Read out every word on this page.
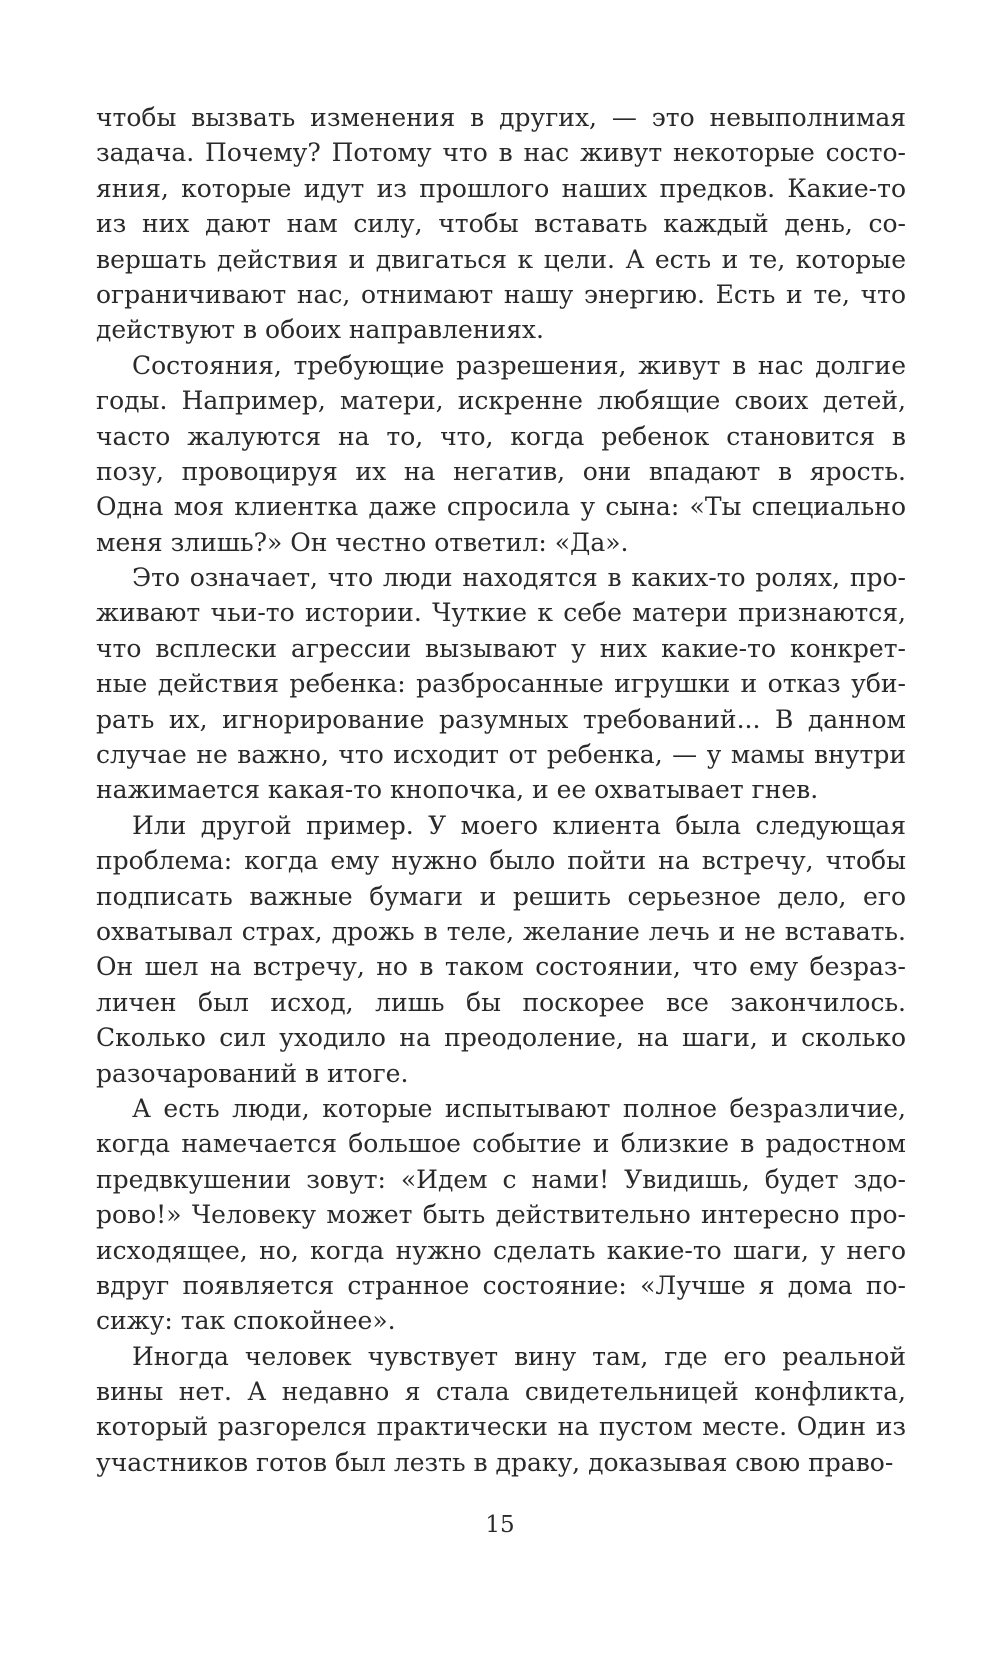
чтобы вызвать изменения в других, — это невыполнимая
задача. Почему? Потому что в нас живут некоторые состо-
яния, которые идут из прошлого наших предков. Какие-то
из них дают нам силу, чтобы вставать каждый день, со-
вершать действия и двигаться к цели. А есть и те, которые
ограничивают нас, отнимают нашу энергию. Есть и те, что
действуют в обоих направлениях.
Состояния, требующие разрешения, живут в нас долгие
годы. Например, матери, искренне любящие своих детей,
часто жалуются на то, что, когда ребенок становится в
позу, провоцируя их на негатив, они впадают в ярость.
Одна моя клиентка даже спросила у сына: «Ты специально
меня злишь?» Он честно ответил: «Да».
Это означает, что люди находятся в каких-то ролях, про-
живают чьи-то истории. Чуткие к себе матери признаются,
что всплески агрессии вызывают у них какие-то конкрет-
ные действия ребенка: разбросанные игрушки и отказ уби-
рать их, игнорирование разумных требований... В данном
случае не важно, что исходит от ребенка, — у мамы внутри
нажимается какая-то кнопочка, и ее охватывает гнев.
Или другой пример. У моего клиента была следующая
проблема: когда ему нужно было пойти на встречу, чтобы
подписать важные бумаги и решить серьезное дело, его
охватывал страх, дрожь в теле, желание лечь и не вставать.
Он шел на встречу, но в таком состоянии, что ему безраз-
личен был исход, лишь бы поскорее все закончилось.
Сколько сил уходило на преодоление, на шаги, и сколько
разочарований в итоге.
А есть люди, которые испытывают полное безразличие,
когда намечается большое событие и близкие в радостном
предвкушении зовут: «Идем с нами! Увидишь, будет здо-
рово!» Человеку может быть действительно интересно про-
исходящее, но, когда нужно сделать какие-то шаги, у него
вдруг появляется странное состояние: «Лучше я дома по-
сижу: так спокойнее».
Иногда человек чувствует вину там, где его реальной
вины нет. А недавно я стала свидетельницей конфликта,
который разгорелся практически на пустом месте. Один из
участников готов был лезть в драку, доказывая свою право-
15
